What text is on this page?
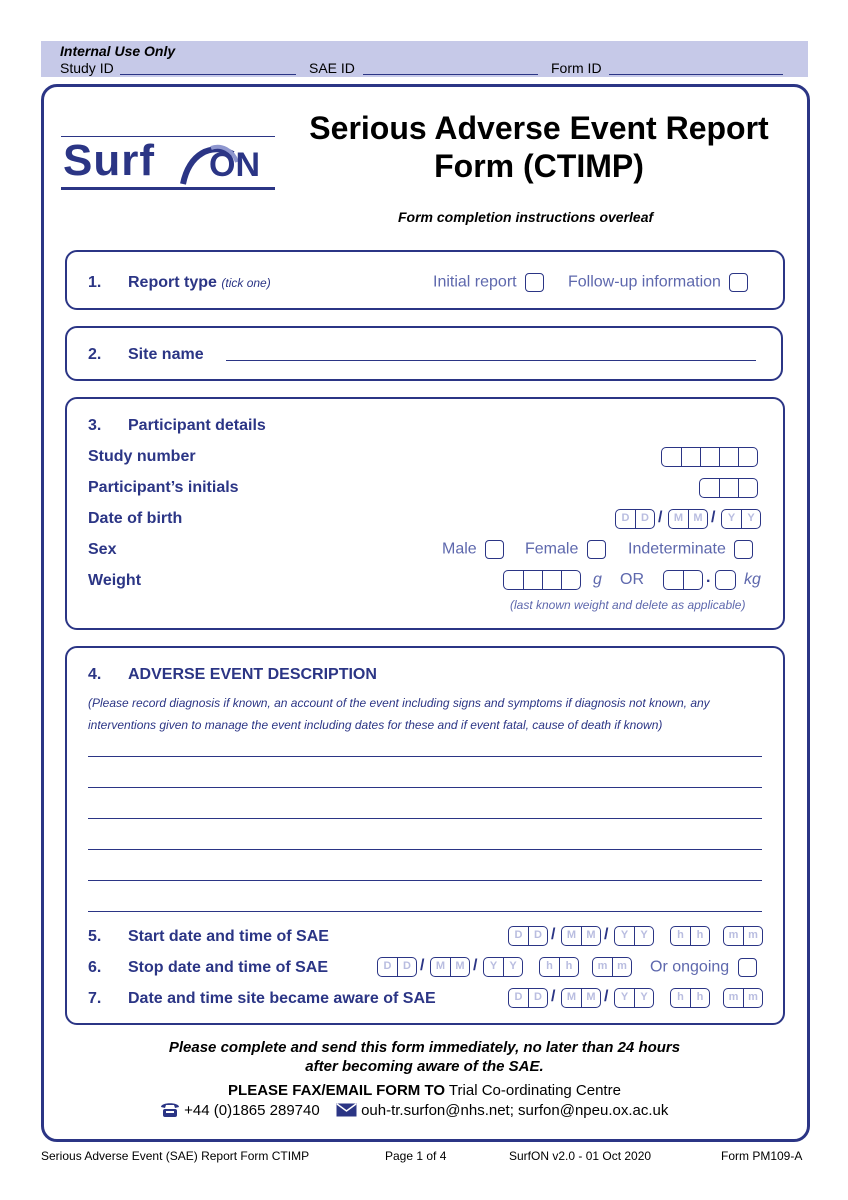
Internal Use Only
Study ID	SAE ID	Form ID
Surf ON
Serious Adverse Event Report
Form (CTIMP)
Form completion instructions overleaf
1. Report type (tick one)	Initial report	Follow-up information
2. Site name
3. Participant details
Study number
Participant’s initials
Date of birth	D	D /	M M /	Y	Y
Sex	Male	Female	Indeterminate
Weight	g OR	. kg
(last known weight and delete as applicable)
4. ADVERSE EVENT DESCRIPTION
(Please record diagnosis if known, an account of the event including signs and symptoms if diagnosis not known, any
interventions given to manage the event including dates for these and if event fatal, cause of death if known)
5. Start date and time of SAE	D	D /	M M /	Y	Y	h	h	m m
6. Stop date and time of SAE	D	D /	M M /	Y	Y	h	h	m m Or ongoing
7. Date and time site became aware of SAE	D	D /	M M /	Y	Y	h	h	m m
Please complete and send this form immediately, no later than 24 hours
after becoming aware of the SAE.
PLEASE FAX/EMAIL FORM TO Trial Co-ordinating Centre
+44 (0)1865 289740	ouh-tr.surfon@nhs.net; surfon@npeu.ox.ac.uk
Serious Adverse Event (SAE) Report Form CTIMP	Page 1 of 4	SurfON v2.0 - 01 Oct 2020	Form PM109-A
